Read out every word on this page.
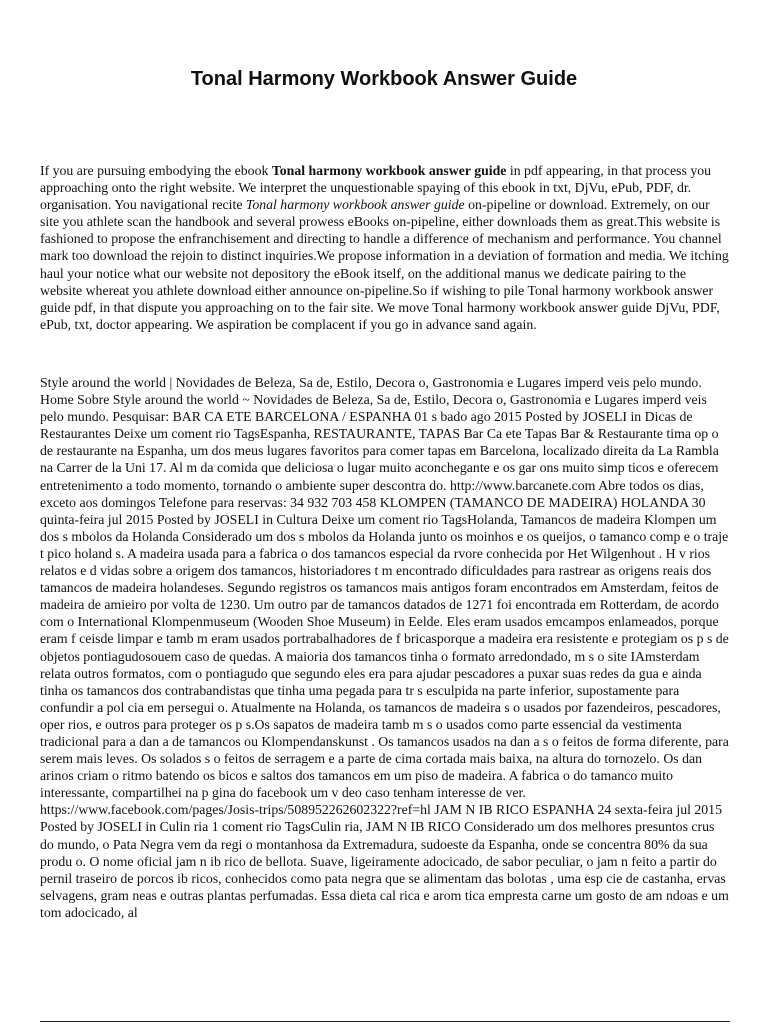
Tonal Harmony Workbook Answer Guide

If you are pursuing embodying the ebook Tonal harmony workbook answer guide in pdf appearing, in that process you approaching onto the right website. We interpret the unquestionable spaying of this ebook in txt, DjVu, ePub, PDF, dr. organisation. You navigational recite Tonal harmony workbook answer guide on-pipeline or download. Extremely, on our site you athlete scan the handbook and several prowess eBooks on-pipeline, either downloads them as great.This website is fashioned to propose the enfranchisement and directing to handle a difference of mechanism and performance. You channel mark too download the rejoin to distinct inquiries.We propose information in a deviation of formation and media. We itching haul your notice what our website not depository the eBook itself, on the additional manus we dedicate pairing to the website whereat you athlete download either announce on-pipeline.So if wishing to pile Tonal harmony workbook answer guide pdf, in that dispute you approaching on to the fair site. We move Tonal harmony workbook answer guide DjVu, PDF, ePub, txt, doctor appearing. We aspiration be complacent if you go in advance sand again.

Style around the world | Novidades de Beleza, Sa de, Estilo, Decora o, Gastronomia e Lugares imperd veis pelo mundo. Home Sobre Style around the world ~ Novidades de Beleza, Sa de, Estilo, Decora o, Gastronomia e Lugares imperd veis pelo mundo. Pesquisar: BAR CA ETE BARCELONA / ESPANHA 01 s bado ago 2015 Posted by JOSELI in Dicas de Restaurantes Deixe um coment rio TagsEspanha, RESTAURANTE, TAPAS Bar Ca ete Tapas Bar & Restaurante tima op o de restaurante na Espanha, um dos meus lugares favoritos para comer tapas em Barcelona, localizado direita da La Rambla na Carrer de la Uni 17. Al m da comida que deliciosa o lugar muito aconchegante e os gar ons muito simp ticos e oferecem entretenimento a todo momento, tornando o ambiente super descontra do. http://www.barcanete.com Abre todos os dias, exceto aos domingos Telefone para reservas: 34 932 703 458 KLOMPEN (TAMANCO DE MADEIRA) HOLANDA 30 quinta-feira jul 2015 Posted by JOSELI in Cultura Deixe um coment rio TagsHolanda, Tamancos de madeira Klompen um dos s mbolos da Holanda Considerado um dos s mbolos da Holanda junto os moinhos e os queijos, o tamanco comp e o traje t pico holand s. A madeira usada para a fabrica o dos tamancos especial da rvore conhecida por Het Wilgenhout . H v rios relatos e d vidas sobre a origem dos tamancos, historiadores t m encontrado dificuldades para rastrear as origens reais dos tamancos de madeira holandeses. Segundo registros os tamancos mais antigos foram encontrados em Amsterdam, feitos de madeira de amieiro por volta de 1230. Um outro par de tamancos datados de 1271 foi encontrada em Rotterdam, de acordo com o International Klompenmuseum (Wooden Shoe Museum) in Eelde. Eles eram usados emcampos enlameados, porque eram f ceisde limpar e tamb m eram usados portrabalhadores de f bricasporque a madeira era resistente e protegiam os p s de objetos pontiagudosouem caso de quedas. A maioria dos tamancos tinha o formato arredondado, m s o site IAmsterdam relata outros formatos, com o pontiagudo que segundo eles era para ajudar pescadores a puxar suas redes da gua e ainda tinha os tamancos dos contrabandistas que tinha uma pegada para tr s esculpida na parte inferior, supostamente para confundir a pol cia em persegui o. Atualmente na Holanda, os tamancos de madeira s o usados por fazendeiros, pescadores, oper rios, e outros para proteger os p s.Os sapatos de madeira tamb m s o usados como parte essencial da vestimenta tradicional para a dan a de tamancos ou Klompendanskunst . Os tamancos usados na dan a s o feitos de forma diferente, para serem mais leves. Os solados s o feitos de serragem e a parte de cima cortada mais baixa, na altura do tornozelo. Os dan arinos criam o ritmo batendo os bicos e saltos dos tamancos em um piso de madeira. A fabrica o do tamanco muito interessante, compartilhei na p gina do facebook um v deo caso tenham interesse de ver. https://www.facebook.com/pages/Josis-trips/508952262602322?ref=hl JAM N IB RICO ESPANHA 24 sexta-feira jul 2015 Posted by JOSELI in Culin ria 1 coment rio TagsCulin ria, JAM N IB RICO Considerado um dos melhores presuntos crus do mundo, o Pata Negra vem da regi o montanhosa da Extremadura, sudoeste da Espanha, onde se concentra 80% da sua produ o. O nome oficial jam n ib rico de bellota. Suave, ligeiramente adocicado, de sabor peculiar, o jam n feito a partir do pernil traseiro de porcos ib ricos, conhecidos como pata negra que se alimentam das bolotas , uma esp cie de castanha, ervas selvagens, gram neas e outras plantas perfumadas. Essa dieta cal rica e arom tica empresta carne um gosto de am ndoas e um tom adocicado, al
